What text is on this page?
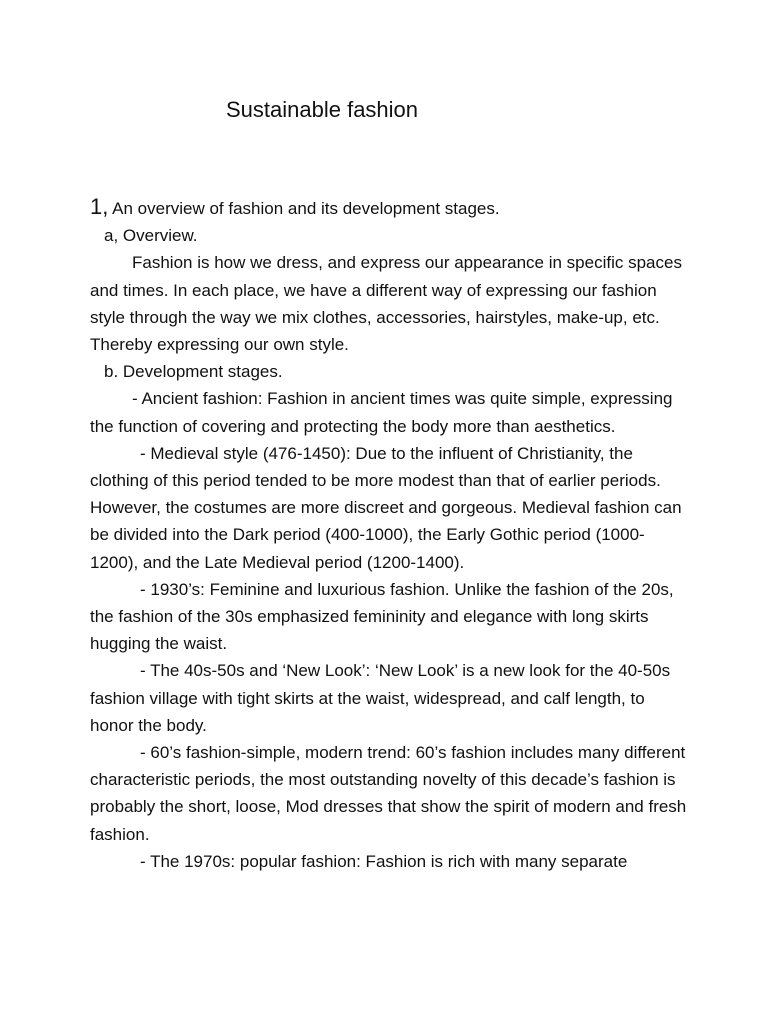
Sustainable fashion

1, An overview of fashion and its development stages.

a, Overview.

Fashion is how we dress, and express our appearance in specific spaces and times. In each place, we have a different way of expressing our fashion style through the way we mix clothes, accessories, hairstyles, make-up, etc. Thereby expressing our own style.

b. Development stages.

- Ancient fashion: Fashion in ancient times was quite simple, expressing the function of covering and protecting the body more than aesthetics.

- Medieval style (476-1450): Due to the influent of Christianity, the clothing of this period tended to be more modest than that of earlier periods. However, the costumes are more discreet and gorgeous. Medieval fashion can be divided into the Dark period (400-1000), the Early Gothic period (1000-1200), and the Late Medieval period (1200-1400).

- 1930’s: Feminine and luxurious fashion. Unlike the fashion of the 20s, the fashion of the 30s emphasized femininity and elegance with long skirts hugging the waist.

- The 40s-50s and ‘New Look’: ‘New Look’ is a new look for the 40-50s fashion village with tight skirts at the waist, widespread, and calf length, to honor the body.

- 60’s fashion-simple, modern trend: 60’s fashion includes many different characteristic periods, the most outstanding novelty of this decade’s fashion is probably the short, loose, Mod dresses that show the spirit of modern and fresh fashion.

- The 1970s: popular fashion: Fashion is rich with many separate
